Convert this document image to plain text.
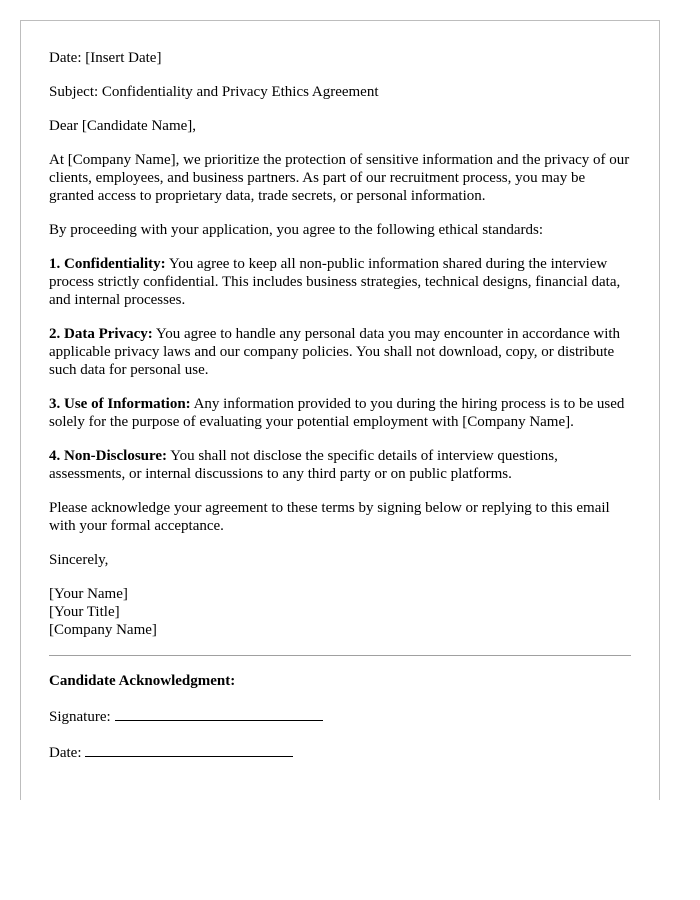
Date: [Insert Date]

Subject: Confidentiality and Privacy Ethics Agreement

Dear [Candidate Name],

At [Company Name], we prioritize the protection of sensitive information and the privacy of our clients, employees, and business partners. As part of our recruitment process, you may be granted access to proprietary data, trade secrets, or personal information.

By proceeding with your application, you agree to the following ethical standards:

1. Confidentiality: You agree to keep all non-public information shared during the interview process strictly confidential. This includes business strategies, technical designs, financial data, and internal processes.

2. Data Privacy: You agree to handle any personal data you may encounter in accordance with applicable privacy laws and our company policies. You shall not download, copy, or distribute such data for personal use.

3. Use of Information: Any information provided to you during the hiring process is to be used solely for the purpose of evaluating your potential employment with [Company Name].

4. Non-Disclosure: You shall not disclose the specific details of interview questions, assessments, or internal discussions to any third party or on public platforms.

Please acknowledge your agreement to these terms by signing below or replying to this email with your formal acceptance.

Sincerely,

[Your Name]
[Your Title]
[Company Name]

Candidate Acknowledgment:

Signature:

Date:
